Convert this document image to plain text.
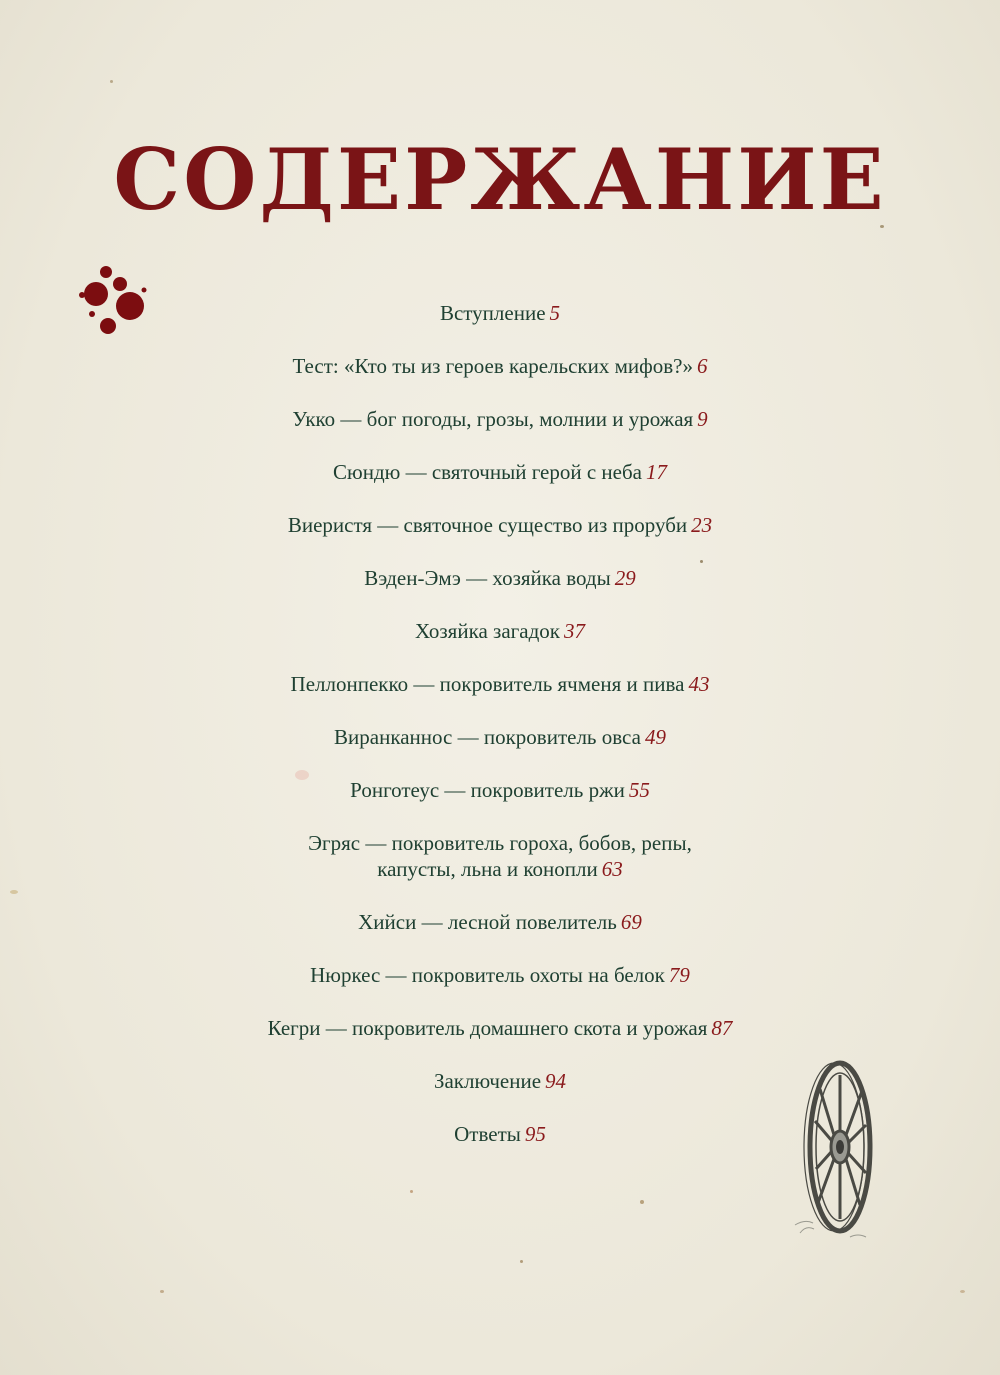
СОДЕРЖАНИЕ
Вступление 5
Тест: «Кто ты из героев карельских мифов?» 6
Укко — бог погоды, грозы, молнии и урожая 9
Сюндю — святочный герой с неба 17
Виеристя — святочное существо из проруби 23
Вэден-Эмэ — хозяйка воды 29
Хозяйка загадок 37
Пеллонпекко — покровитель ячменя и пива 43
Виранканнос — покровитель овса 49
Ронготеус — покровитель ржи 55
Эгряс — покровитель гороха, бобов, репы,
капусты, льна и конопли 63
Хийси — лесной повелитель 69
Нюркес — покровитель охоты на белок 79
Кегри — покровитель домашнего скота и урожая 87
Заключение 94
Ответы 95
